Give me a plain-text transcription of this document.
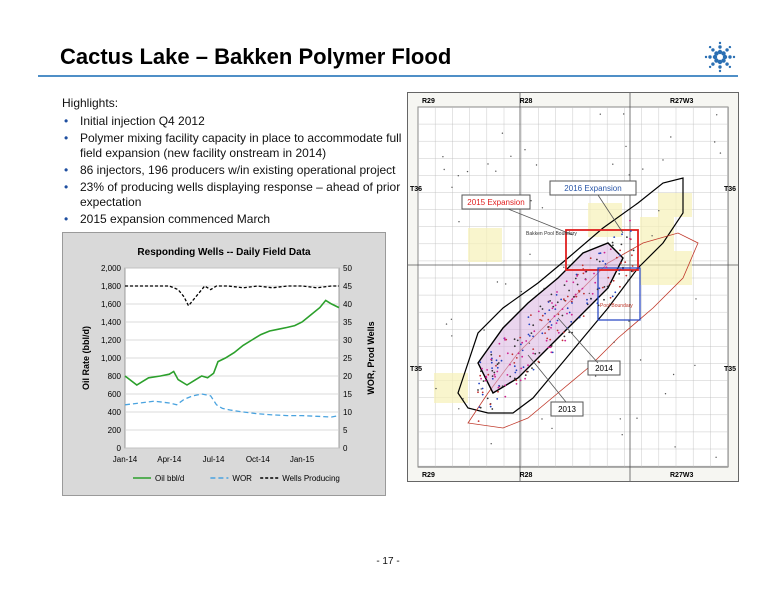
Cactus Lake – Bakken Polymer Flood
Highlights:
• Initial injection Q4 2012
• Polymer mixing facility capacity in place to accommodate full field expansion (new facility onstream in 2014)
• 86 injectors, 196 producers w/in existing operational project
• 23% of producing wells displaying response – ahead of prior expectation
• 2015 expansion commenced March
Responding Wells -- Daily Field Data
0
200
400
600
800
1,000
1,200
1,400
1,600
1,800
2,000
0
5
10
15
20
25
30
35
40
45
50
Jan-14	Apr-14	Jul-14	Oct-14	Jan-15
Oil Rate (bbl/d)	WOR, Prod Wells
Oil bbl/d	WOR	Wells Producing
R29	R28	R27W3
R29	R28	R27W3
T36	T36
T35	T35
2016 Expansion
2015 Expansion
2014
2013
Bakken Pool Boundary
Pool Boundary
- 17 -
